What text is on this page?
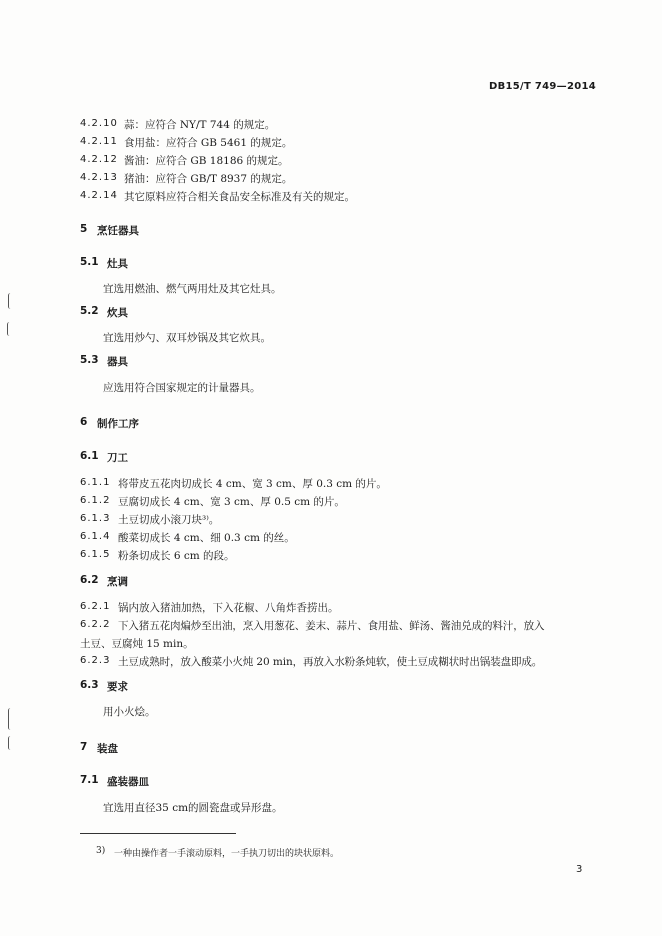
DB15/T 749—2014
4.2.10 蒜：应符合 NY/T 744 的规定。
4.2.11 食用盐：应符合 GB 5461 的规定。
4.2.12 酱油：应符合 GB 18186 的规定。
4.2.13 猪油：应符合 GB/T 8937 的规定。
4.2.14 其它原料应符合相关食品安全标准及有关的规定。
5 烹饪器具
5.1 灶具
宜选用燃油、燃气两用灶及其它灶具。
5.2 炊具
宜选用炒勺、双耳炒锅及其它炊具。
5.3 器具
应选用符合国家规定的计量器具。
6 制作工序
6.1 刀工
6.1.1 将带皮五花肉切成长 4 cm、宽 3 cm、厚 0.3 cm 的片。
6.1.2 豆腐切成长 4 cm、宽 3 cm、厚 0.5 cm 的片。
6.1.3 土豆切成小滚刀块³⁾。
6.1.4 酸菜切成长 4 cm、细 0.3 cm 的丝。
6.1.5 粉条切成长 6 cm 的段。
6.2 烹调
6.2.1 锅内放入猪油加热，下入花椒、八角炸香捞出。
6.2.2 下入猪五花肉煸炒至出油，烹入用葱花、姜末、蒜片、食用盐、鲜汤、酱油兑成的料汁，放入
土豆、豆腐炖 15 min。
6.2.3 土豆成熟时，放入酸菜小火炖 20 min，再放入水粉条炖软，使土豆成糊状时出锅装盘即成。
6.3 要求
用小火烩。
7 装盘
7.1 盛装器皿
宜选用直径35 cm的圆瓷盘或异形盘。
3) 一种由操作者一手滚动原料，一手执刀切出的块状原料。
3
